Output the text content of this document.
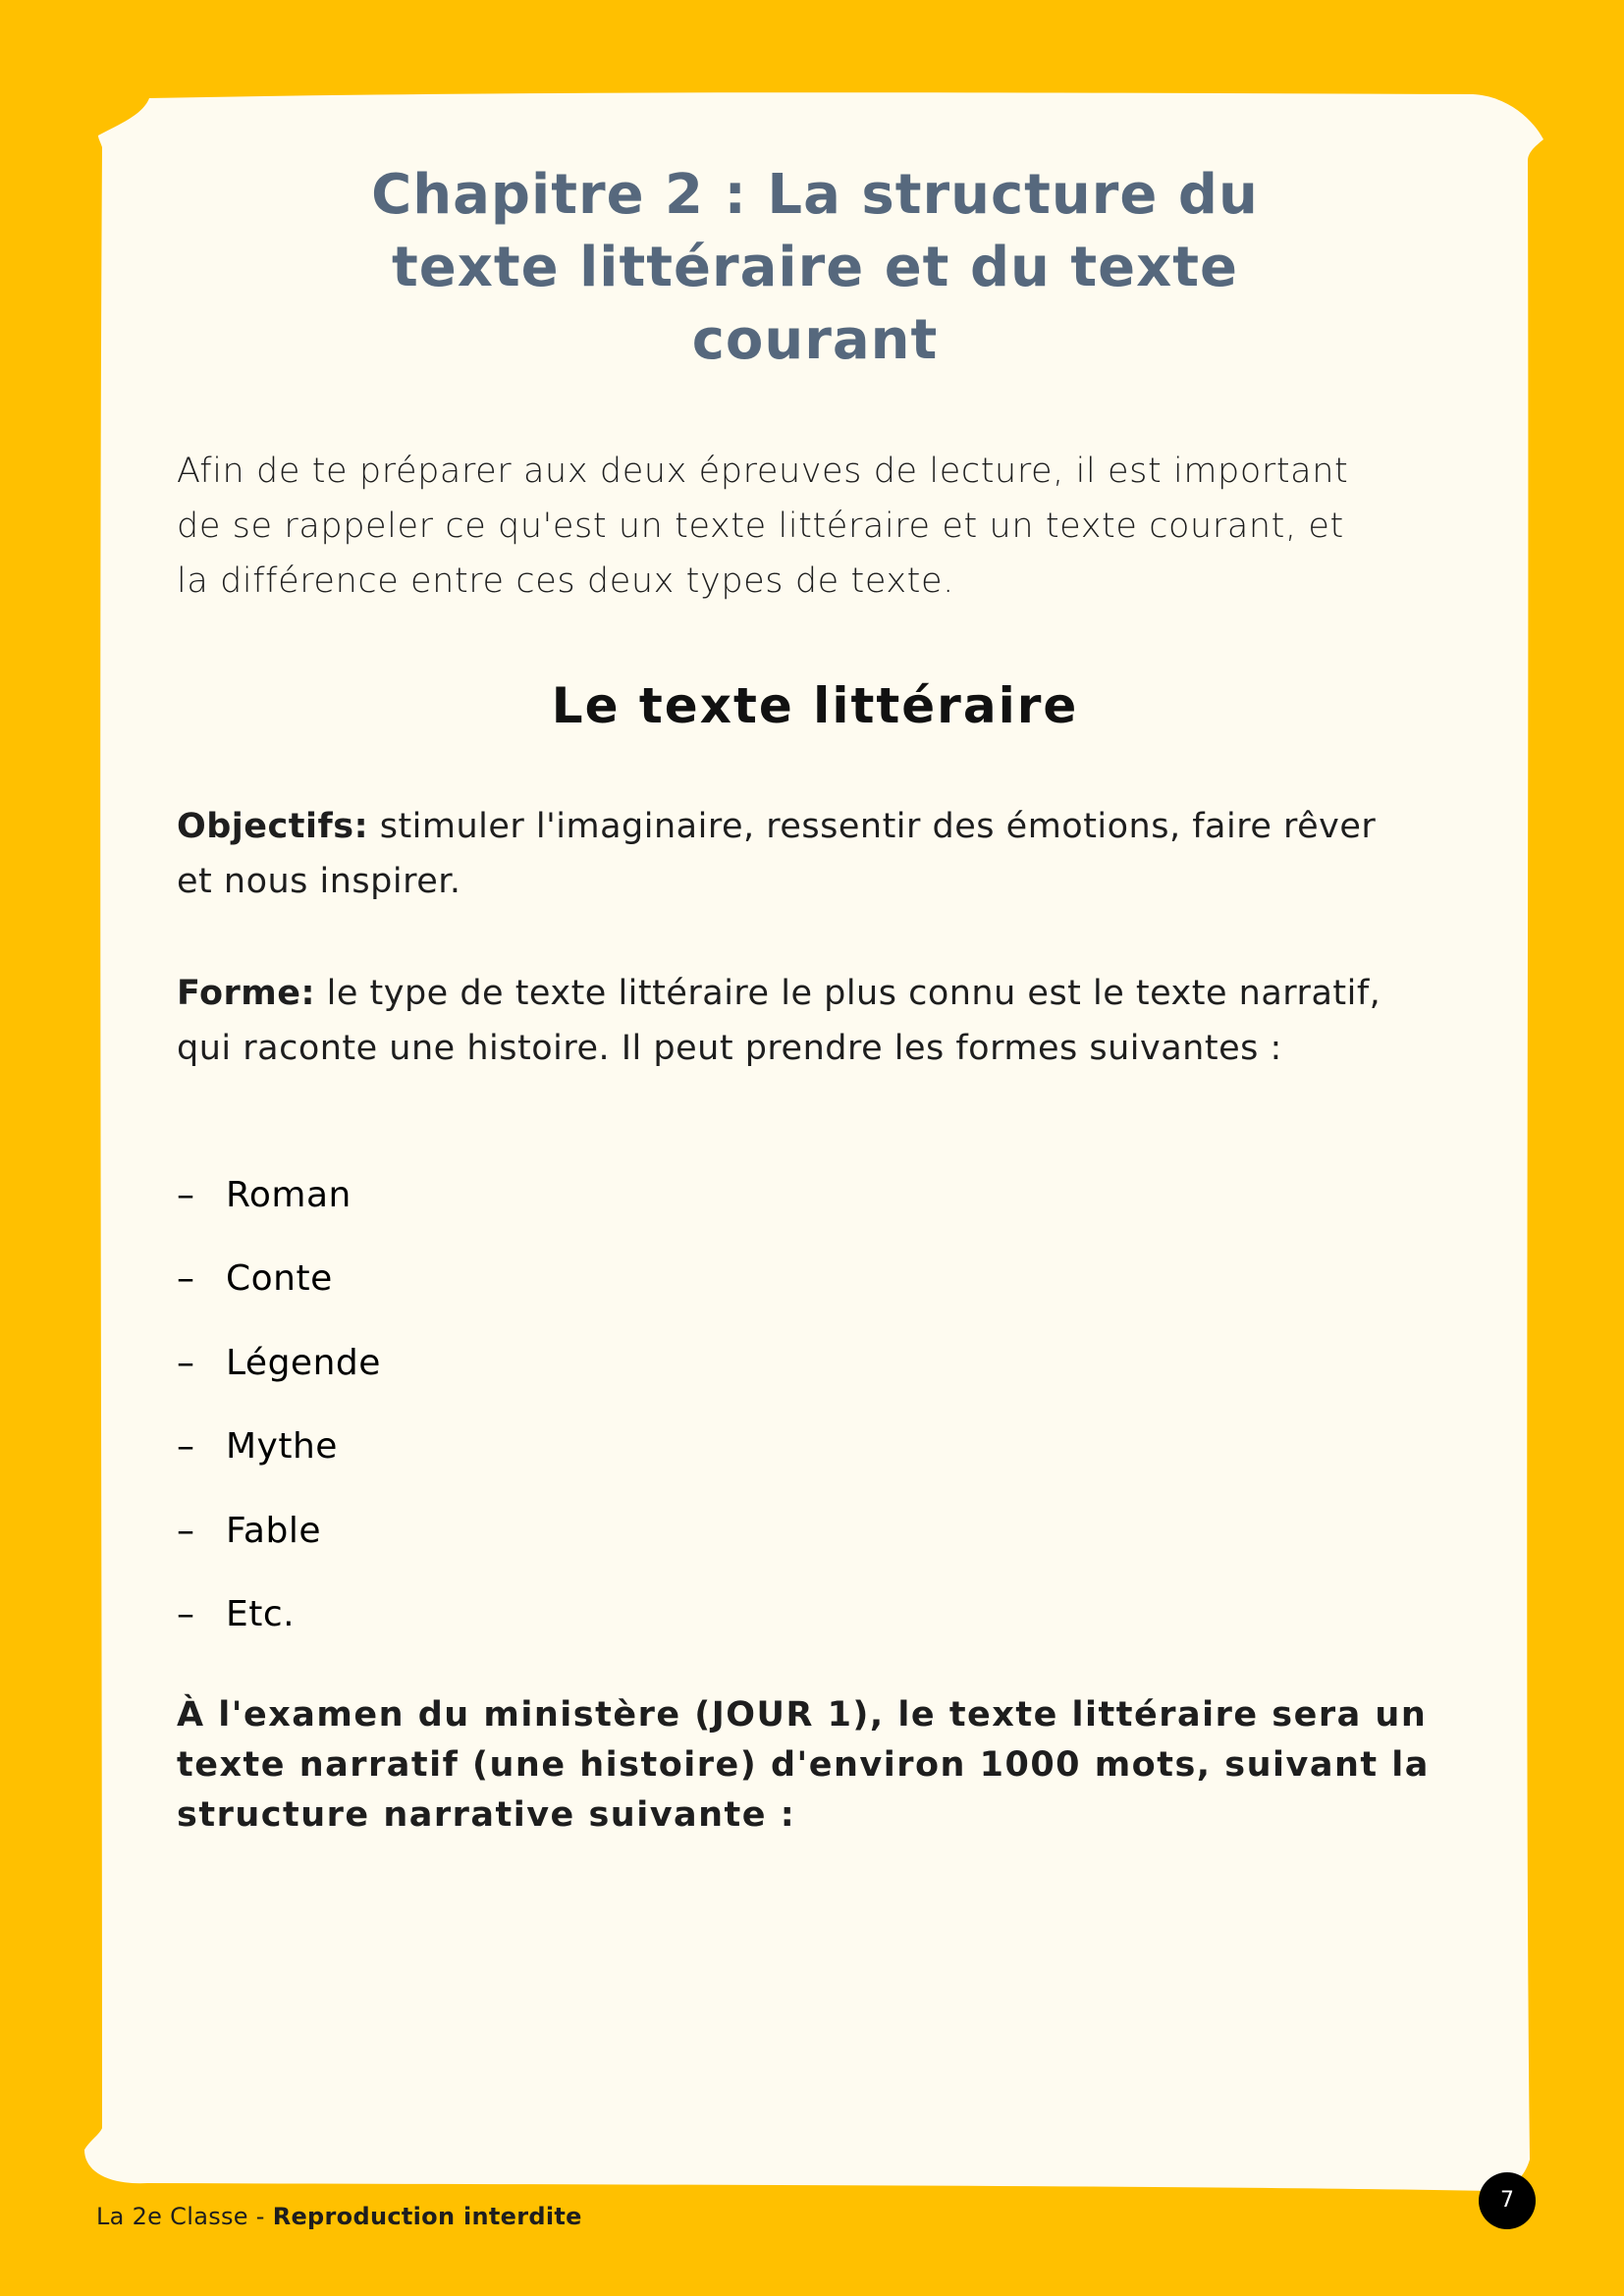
Chapitre 2 : La structure du
texte littéraire et du texte
courant
Afin de te préparer aux deux épreuves de lecture, il est important
de se rappeler ce qu'est un texte littéraire et un texte courant, et
la différence entre ces deux types de texte.
Le texte littéraire
Objectifs: stimuler l'imaginaire, ressentir des émotions, faire rêver
et nous inspirer.
Forme: le type de texte littéraire le plus connu est le texte narratif,
qui raconte une histoire. Il peut prendre les formes suivantes :
– Roman
– Conte
– Légende
– Mythe
– Fable
– Etc.
À l'examen du ministère (JOUR 1), le texte littéraire sera un
texte narratif (une histoire) d'environ 1000 mots, suivant la
structure narrative suivante :
La 2e Classe - Reproduction interdite
7
